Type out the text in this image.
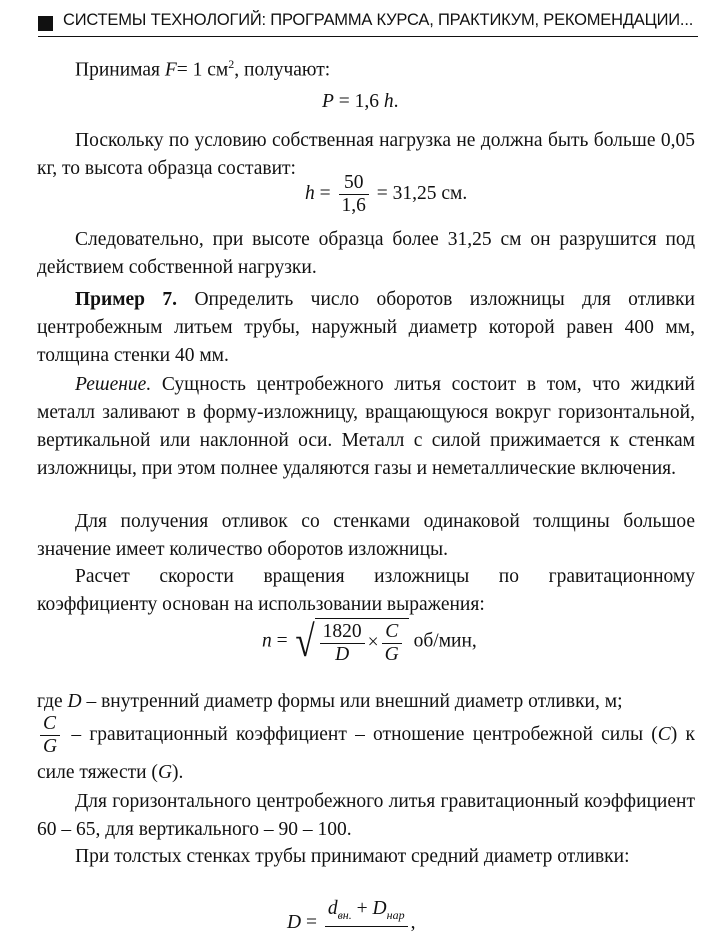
СИСТЕМЫ ТЕХНОЛОГИЙ: ПРОГРАММА КУРСА, ПРАКТИКУМ, РЕКОМЕНДАЦИИ...
Принимая F= 1 $см^2$, получают:
P = 1,6 h.
Поскольку по условию собственная нагрузка не должна быть больше 0,05 кг, то высота образца составит:
$h = \frac{50}{1,6} = 31,25$ см.
Следовательно, при высоте образца более 31,25 см он разрушится под действием собственной нагрузки.
Пример 7. Определить число оборотов изложницы для отливки центробежным литьем трубы, наружный диаметр которой равен 400 мм, толщина стенки 40 мм.
Решение. Сущность центробежного литья состоит в том, что жидкий металл заливают в форму-изложницу, вращающуюся вокруг горизонтальной, вертикальной или наклонной оси. Металл с силой прижимается к стенкам изложницы, при этом полнее удаляются газы и неметаллические включения.
Для получения отливок со стенками одинаковой толщины большое значение имеет количество оборотов изложницы.
Расчет скорости вращения изложницы по гравитационному коэффициенту основан на использовании выражения:
n = √ $\frac{1820}{D} \times \frac{C}{G} об/мин$,
где D – внутренний диаметр формы или внешний диаметр отливки, м;
$\frac{C}{G}$ – гравитационный коэффициент – отношение центробежной силы (C) к силе тяжести (G).
Для горизонтального центробежного литья гравитационный коэффициент 60 – 65, для вертикального – 90 – 100.
При толстых стенках трубы принимают средний диаметр отливки:
D =
$d_{вн.} + D_{нар}$
,
